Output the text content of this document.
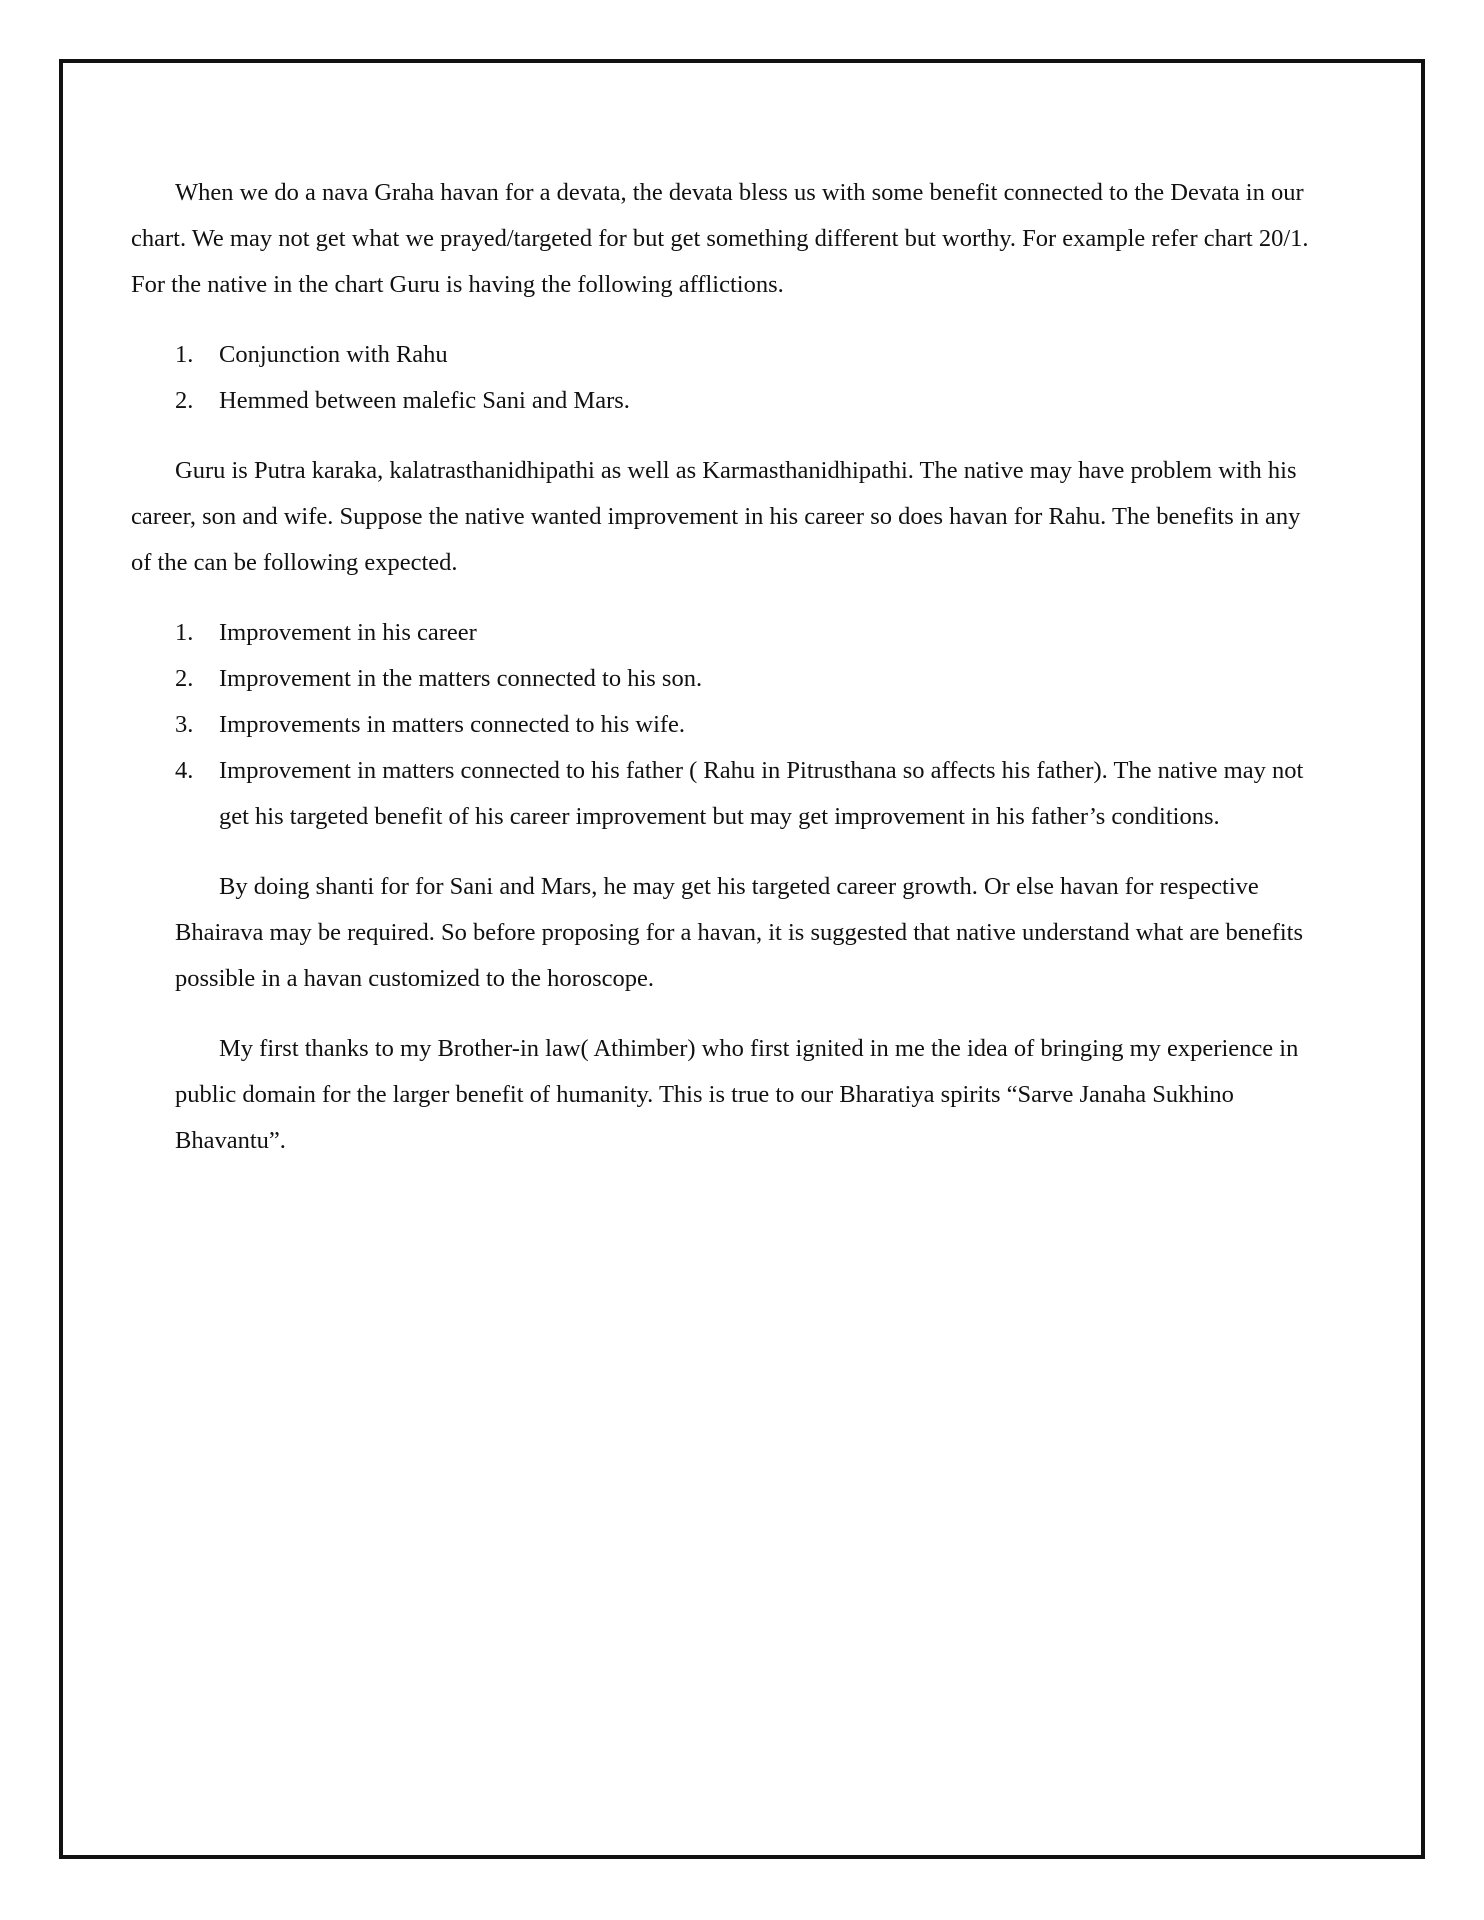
When we do a nava Graha havan for a devata, the devata bless us with some benefit connected to the Devata in our chart. We may not get what we prayed/targeted for but get something different but worthy. For example refer chart 20/1. For the native in the chart Guru is having the following afflictions.

1. Conjunction with Rahu
2. Hemmed between malefic Sani and Mars.

Guru is Putra karaka, kalatrasthanidhipathi as well as Karmasthanidhipathi. The native may have problem with his career, son and wife. Suppose the native wanted improvement in his career so does havan for Rahu. The benefits in any of the can be following expected.

1. Improvement in his career
2. Improvement in the matters connected to his son.
3. Improvements in matters connected to his wife.
4. Improvement in matters connected to his father ( Rahu in Pitrusthana so affects his father). The native may not get his targeted benefit of his career improvement but may get improvement in his father’s conditions.

By doing shanti for for Sani and Mars, he may get his targeted career growth. Or else havan for respective Bhairava may be required. So before proposing for a havan, it is suggested that native understand what are benefits possible in a havan customized to the horoscope.

My first thanks to my Brother-in law( Athimber) who first ignited in me the idea of bringing my experience in public domain for the larger benefit of humanity. This is true to our Bharatiya spirits “Sarve Janaha Sukhino Bhavantu”.
